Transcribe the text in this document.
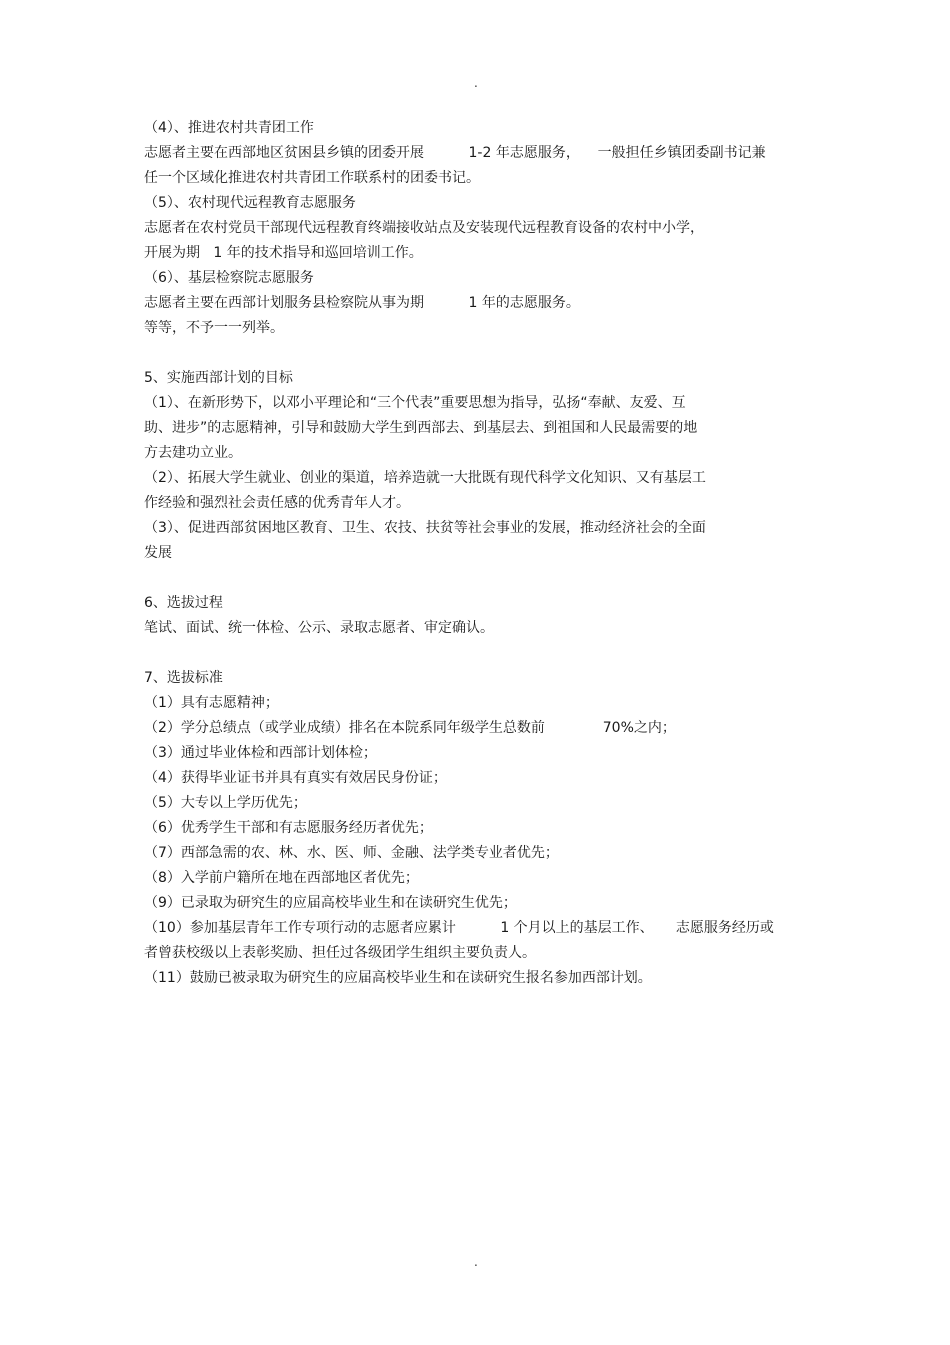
.
（4）、推进农村共青团工作
志愿者主要在西部地区贫困县乡镇的团委开展          1-2 年志愿服务，    一般担任乡镇团委副书记兼
任一个区域化推进农村共青团工作联系村的团委书记。
（5）、农村现代远程教育志愿服务
志愿者在农村党员干部现代远程教育终端接收站点及安装现代远程教育设备的农村中小学，
开展为期   1 年的技术指导和巡回培训工作。
（6）、基层检察院志愿服务
志愿者主要在西部计划服务县检察院从事为期          1 年的志愿服务。
等等，不予一一列举。
5、实施西部计划的目标
（1）、在新形势下，以邓小平理论和“三个代表”重要思想为指导，弘扬“奉献、友爱、互
助、进步”的志愿精神，引导和鼓励大学生到西部去、到基层去、到祖国和人民最需要的地
方去建功立业。
（2）、拓展大学生就业、创业的渠道，培养造就一大批既有现代科学文化知识、又有基层工
作经验和强烈社会责任感的优秀青年人才。
（3）、促进西部贫困地区教育、卫生、农技、扶贫等社会事业的发展，推动经济社会的全面
发展
6、选拔过程
笔试、面试、统一体检、公示、录取志愿者、审定确认。
7、选拔标准
（1）具有志愿精神；
（2）学分总绩点（或学业成绩）排名在本院系同年级学生总数前             70%之内；
（3）通过毕业体检和西部计划体检；
（4）获得毕业证书并具有真实有效居民身份证；
（5）大专以上学历优先；
（6）优秀学生干部和有志愿服务经历者优先；
（7）西部急需的农、林、水、医、师、金融、法学类专业者优先；
（8）入学前户籍所在地在西部地区者优先；
（9）已录取为研究生的应届高校毕业生和在读研究生优先；
（10）参加基层青年工作专项行动的志愿者应累计          1 个月以上的基层工作、     志愿服务经历或
者曾获校级以上表彰奖励、担任过各级团学生组织主要负责人。
（11）鼓励已被录取为研究生的应届高校毕业生和在读研究生报名参加西部计划。
.
